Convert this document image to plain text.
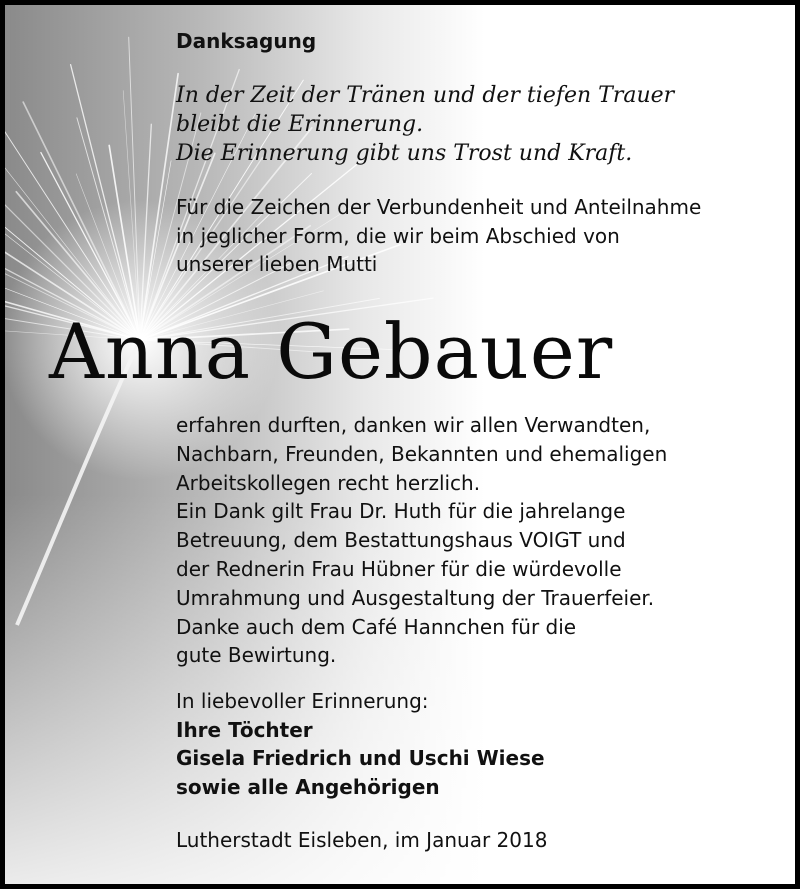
Danksagung
In der Zeit der Tränen und der tiefen Trauer
bleibt die Erinnerung.
Die Erinnerung gibt uns Trost und Kraft.
Für die Zeichen der Verbundenheit und Anteilnahme
in jeglicher Form, die wir beim Abschied von
unserer lieben Mutti
Anna Gebauer
erfahren durften, danken wir allen Verwandten,
Nachbarn, Freunden, Bekannten und ehemaligen
Arbeitskollegen recht herzlich.
Ein Dank gilt Frau Dr. Huth für die jahrelange
Betreuung, dem Bestattungshaus VOIGT und
der Rednerin Frau Hübner für die würdevolle
Umrahmung und Ausgestaltung der Trauerfeier.
Danke auch dem Café Hannchen für die
gute Bewirtung.
In liebevoller Erinnerung:
Ihre Töchter
Gisela Friedrich und Uschi Wiese
sowie alle Angehörigen
Lutherstadt Eisleben, im Januar 2018
